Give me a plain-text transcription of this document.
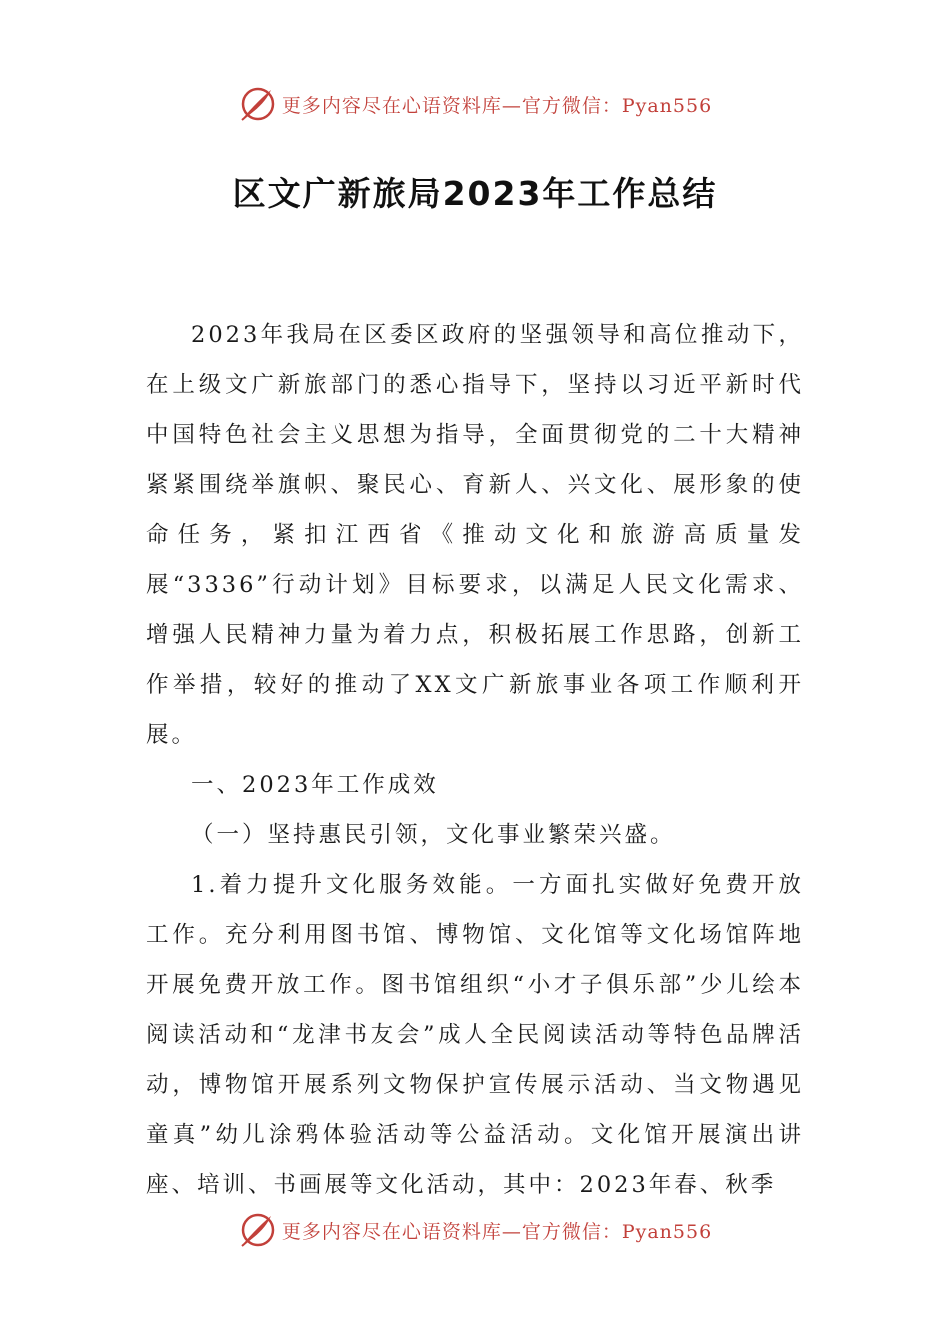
更多内容尽在心语资料库—官方微信：Pyan556
区文广新旅局2023年工作总结

2023年我局在区委区政府的坚强领导和高位推动下，在上级文广新旅部门的悉心指导下，坚持以习近平新时代中国特色社会主义思想为指导，全面贯彻党的二十大精神紧紧围绕举旗帜、聚民心、育新人、兴文化、展形象的使命任务，紧扣江西省《推动文化和旅游高质量发展“3336”行动计划》目标要求，以满足人民文化需求、增强人民精神力量为着力点，积极拓展工作思路，创新工作举措，较好的推动了XX文广新旅事业各项工作顺利开展。

一、2023年工作成效

（一）坚持惠民引领，文化事业繁荣兴盛。

1.着力提升文化服务效能。一方面扎实做好免费开放工作。充分利用图书馆、博物馆、文化馆等文化场馆阵地开展免费开放工作。图书馆组织“小才子俱乐部”少儿绘本阅读活动和“龙津书友会”成人全民阅读活动等特色品牌活动，博物馆开展系列文物保护宣传展示活动、当文物遇见童真”幼儿涂鸦体验活动等公益活动。文化馆开展演出讲座、培训、书画展等文化活动，其中：2023年春、秋季

更多内容尽在心语资料库—官方微信：Pyan556
